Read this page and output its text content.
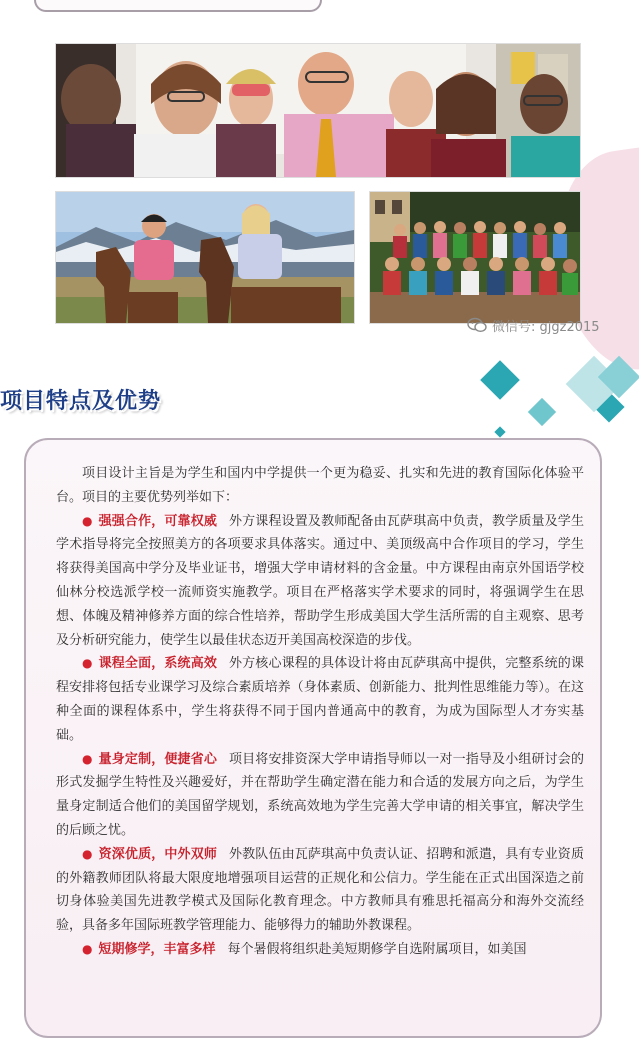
微信号: gjgz2015
项目特点及优势

项目设计主旨是为学生和国内中学提供一个更为稳妥、扎实和先进的教育国际化体验平台。项目的主要优势列举如下：

● 强强合作，可靠权威 外方课程设置及教师配备由瓦萨琪高中负责，教学质量及学生学术指导将完全按照美方的各项要求具体落实。通过中、美顶级高中合作项目的学习，学生将获得美国高中学分及毕业证书，增强大学申请材料的含金量。中方课程由南京外国语学校仙林分校选派学校一流师资实施教学。项目在严格落实学术要求的同时，将强调学生在思想、体魄及精神修养方面的综合性培养，帮助学生形成美国大学生活所需的自主观察、思考及分析研究能力，使学生以最佳状态迈开美国高校深造的步伐。

● 课程全面，系统高效 外方核心课程的具体设计将由瓦萨琪高中提供，完整系统的课程安排将包括专业课学习及综合素质培养（身体素质、创新能力、批判性思维能力等）。在这种全面的课程体系中，学生将获得不同于国内普通高中的教育，为成为国际型人才夯实基础。

● 量身定制，便捷省心 项目将安排资深大学申请指导师以一对一指导及小组研讨会的形式发掘学生特性及兴趣爱好，并在帮助学生确定潜在能力和合适的发展方向之后，为学生量身定制适合他们的美国留学规划，系统高效地为学生完善大学申请的相关事宜，解决学生的后顾之忧。

● 资深优质，中外双师 外教队伍由瓦萨琪高中负责认证、招聘和派遣，具有专业资质的外籍教师团队将最大限度地增强项目运营的正规化和公信力。学生能在正式出国深造之前切身体验美国先进教学模式及国际化教育理念。中方教师具有雅思托福高分和海外交流经验，具备多年国际班教学管理能力、能够得力的辅助外教课程。

● 短期修学，丰富多样 每个暑假将组织赴美短期修学自选附属项目，如美国
